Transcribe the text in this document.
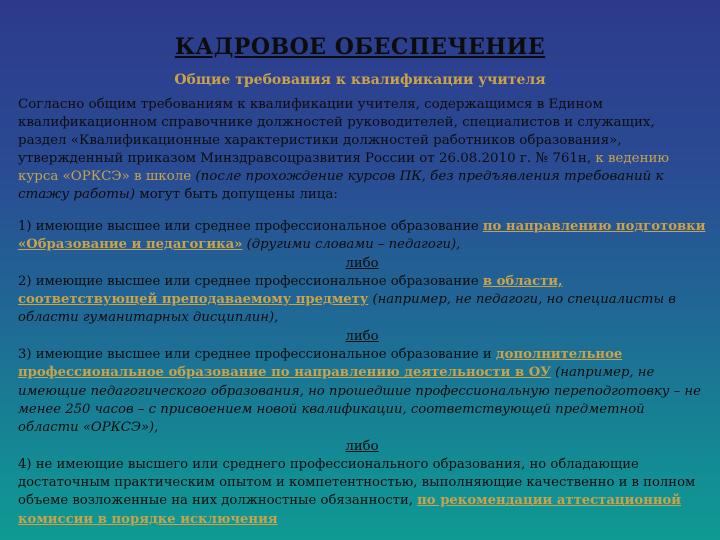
КАДРОВОЕ ОБЕСПЕЧЕНИЕ
Общие требования к квалификации учителя
Согласно общим требованиям к квалификации учителя, содержащимся в Едином квалификационном справочнике должностей руководителей, специалистов и служащих, раздел «Квалификационные характеристики должностей работников образования», утвержденный приказом Минздравсоцразвития России от 26.08.2010 г. № 761н, к ведению курса «ОРКСЭ» в школе (после прохождение курсов ПК, без предъявления требований к стажу работы) могут быть допущены лица:

1) имеющие высшее или среднее профессиональное образование по направлению подготовки «Образование и педагогика» (другими словами – педагоги),

либо

2) имеющие высшее или среднее профессиональное образование в области, соответствующей преподаваемому предмету (например, не педагоги, но специалисты в области гуманитарных дисциплин),

либо

3) имеющие высшее или среднее профессиональное образование и дополнительное профессиональное образование по направлению деятельности в ОУ (например, не имеющие педагогического образования, но прошедшие профессиональную переподготовку – не менее 250 часов – с присвоением новой квалификации, соответствующей предметной области «ОРКСЭ»),

либо

4) не имеющие высшего или среднего профессионального образования, но обладающие достаточным практическим опытом и компетентностью, выполняющие качественно и в полном объеме возложенные на них должностные обязанности, по рекомендации аттестационной комиссии в порядке исключения
